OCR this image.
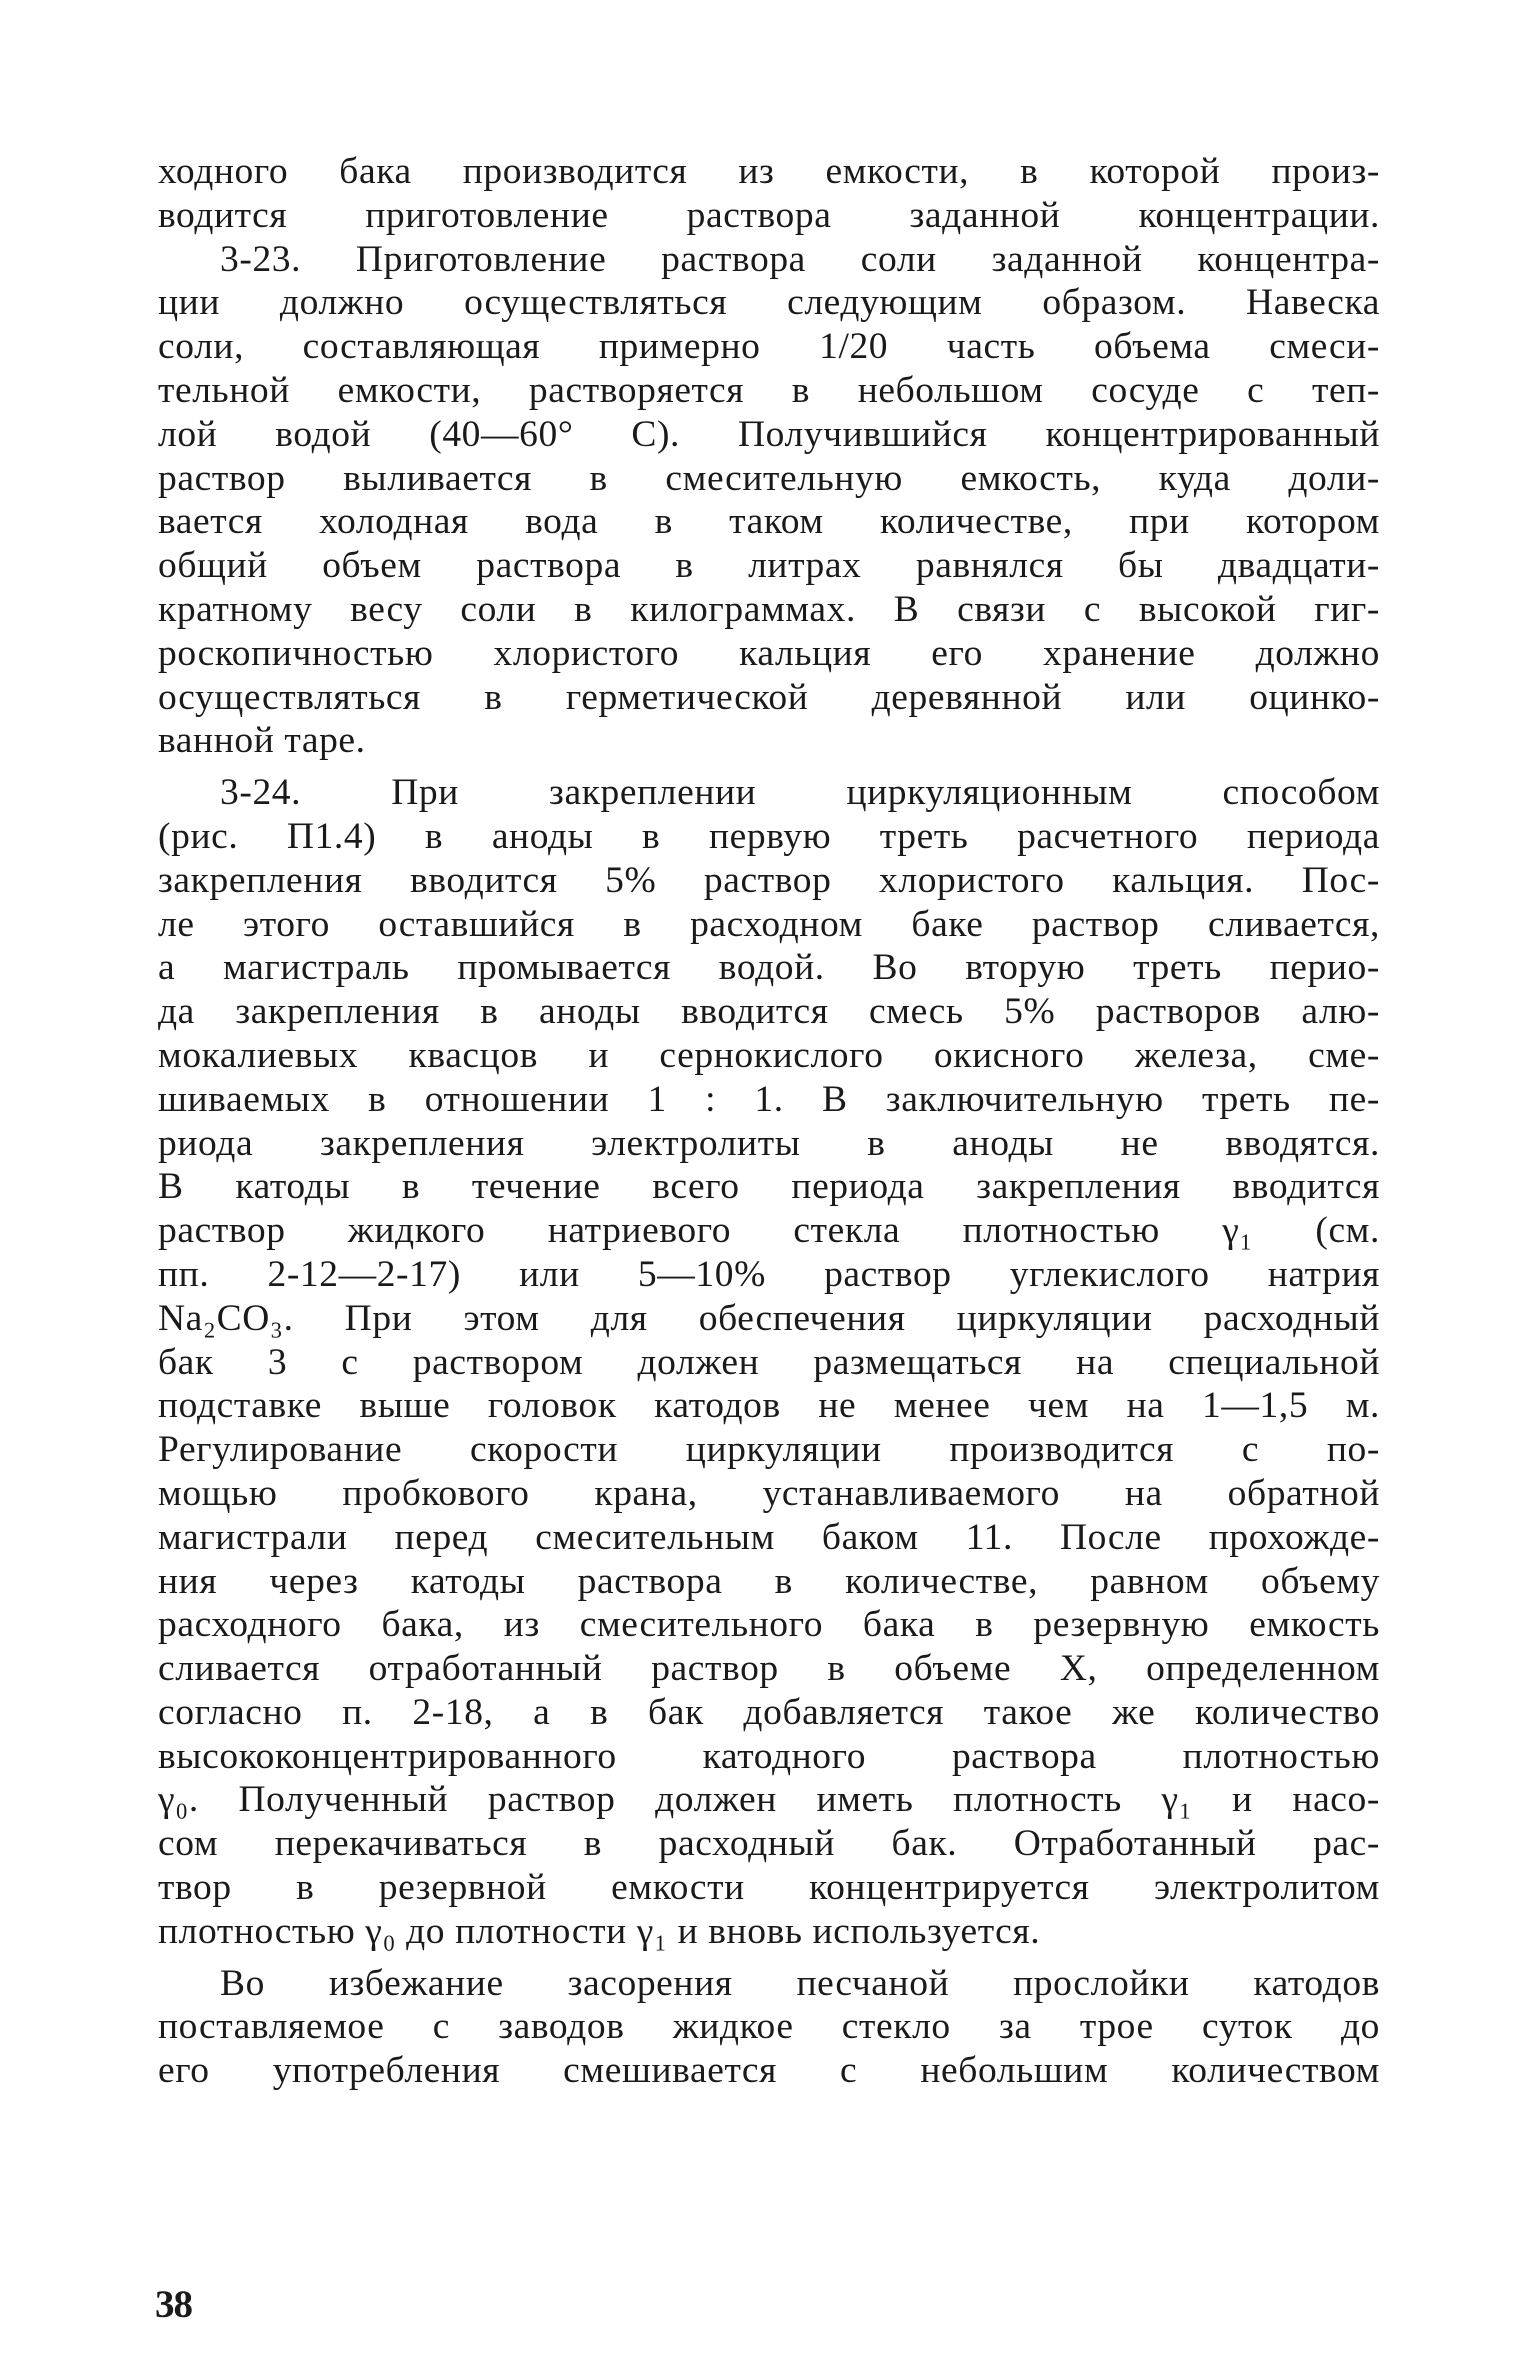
ходного бака производится из емкости, в которой произ-
водится приготовление раствора заданной концентрации.
3-23. Приготовление раствора соли заданной концентра-
ции должно осуществляться следующим образом. Навеска
соли, составляющая примерно 1/20 часть объема смеси-
тельной емкости, растворяется в небольшом сосуде с теп-
лой водой (40—60° С). Получившийся концентрированный
раствор выливается в смесительную емкость, куда доли-
вается холодная вода в таком количестве, при котором
общий объем раствора в литрах равнялся бы двадцати-
кратному весу соли в килограммах. В связи с высокой гиг-
роскопичностью хлористого кальция его хранение должно
осуществляться в герметической деревянной или оцинко-
ванной таре.
3-24. При закреплении циркуляционным способом
(рис. П1.4) в аноды в первую треть расчетного периода
закрепления вводится 5% раствор хлористого кальция. Пос-
ле этого оставшийся в расходном баке раствор сливается,
а магистраль промывается водой. Во вторую треть перио-
да закрепления в аноды вводится смесь 5% растворов алю-
мокалиевых квасцов и сернокислого окисного железа, сме-
шиваемых в отношении 1 : 1. В заключительную треть пе-
риода закрепления электролиты в аноды не вводятся.
В катоды в течение всего периода закрепления вводится
раствор жидкого натриевого стекла плотностью γ₁ (см.
пп. 2-12—2-17) или 5—10% раствор углекислого натрия
Na₂CO₃. При этом для обеспечения циркуляции расходный
бак 3 с раствором должен размещаться на специальной
подставке выше головок катодов не менее чем на 1—1,5 м.
Регулирование скорости циркуляции производится с по-
мощью пробкового крана, устанавливаемого на обратной
магистрали перед смесительным баком 11. После прохожде-
ния через катоды раствора в количестве, равном объему
расходного бака, из смесительного бака в резервную емкость
сливается отработанный раствор в объеме X, определенном
согласно п. 2-18, а в бак добавляется такое же количество
высококонцентрированного катодного раствора плотностью
γ₀. Полученный раствор должен иметь плотность γ₁ и насо-
сом перекачиваться в расходный бак. Отработанный рас-
твор в резервной емкости концентрируется электролитом
плотностью γ₀ до плотности γ₁ и вновь используется.
Во избежание засорения песчаной прослойки катодов
поставляемое с заводов жидкое стекло за трое суток до
его употребления смешивается с небольшим количеством
38
